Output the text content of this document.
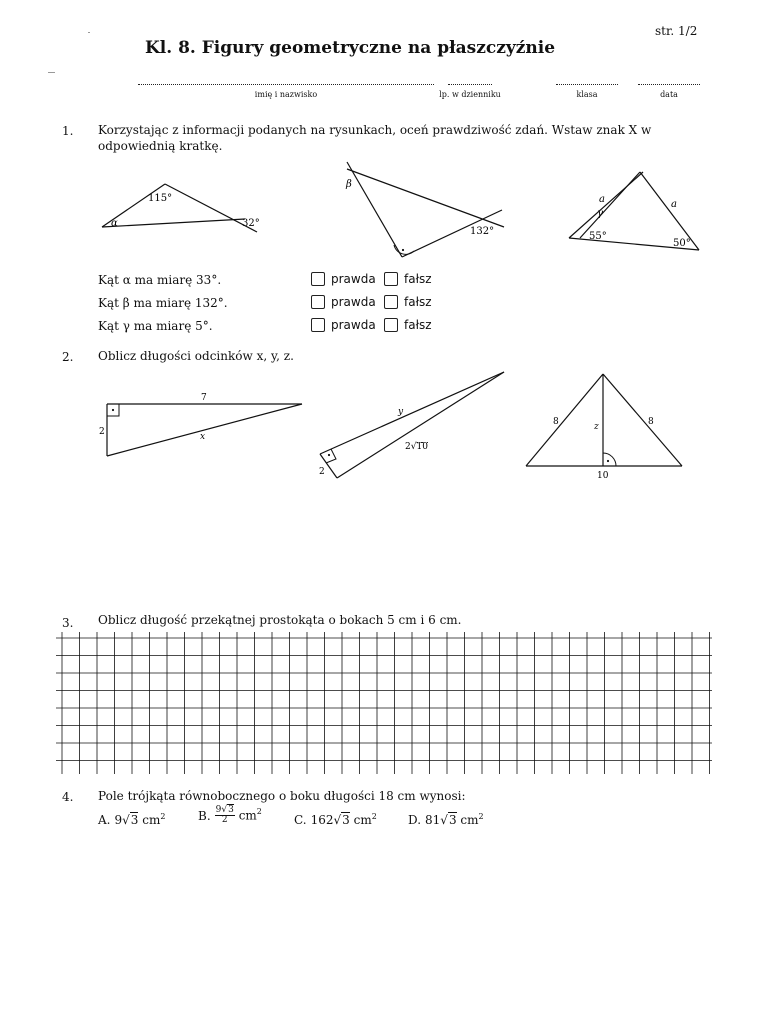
str. 1/2
Kl. 8. Figury geometryczne na płaszczyźnie
imię i nazwisko	lp. w dzienniku	klasa	data
1. Korzystając z informacji podanych na rysunkach, oceń prawdziwość zdań. Wstaw znak X w odpowiednią kratkę.
115°
32°
α
β
132°
a	a
γ
55°
50°
Kąt α ma miarę 33°.	prawda fałsz
Kąt β ma miarę 132°.	prawda fałsz
Kąt γ ma miarę 5°.	prawda fałsz
2. Oblicz długości odcinków x, y, z.
7
2	x
y
2√10
2
8	8
z
10
3. Oblicz długość przekątnej prostokąta o bokach 5 cm i 6 cm.
4. Pole trójkąta równobocznego o boku długości 18 cm wynosi:
A. 9√3 $cm^2$	B. $\frac{9√3}{2} cm^2$
C. 162√3 $cm^2$	D. 81√3 $cm^2$
